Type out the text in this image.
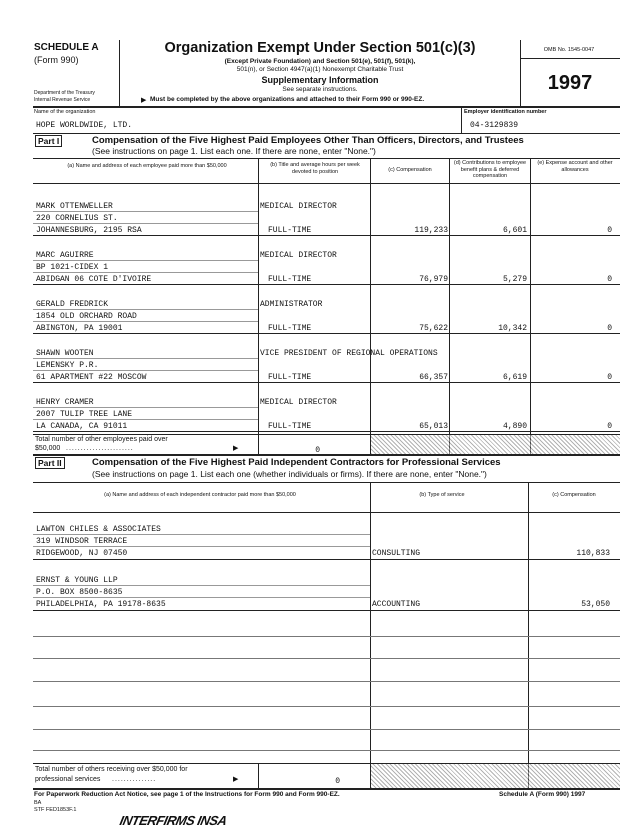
SCHEDULE A
(Form 990)
Department of the Treasury
Internal Revenue Service
Organization Exempt Under Section 501(c)(3)
(Except Private Foundation) and Section 501(e), 501(f), 501(k),
501(n), or Section 4947(a)(1) Nonexempt Charitable Trust
Supplementary Information
See separate instructions.
▶ Must be completed by the above organizations and attached to their Form 990 or 990-EZ.
OMB No. 1545-0047
1997
Name of the organization
HOPE WORLDWIDE, LTD.
Employer identification number
04-3129839
Part I	Compensation of the Five Highest Paid Employees Other Than Officers, Directors, and Trustees
(See instructions on page 1. List each one. If there are none, enter "None.")
(a) Name and address of each employee paid more than $50,000	(b) Title and average hours per week devoted to position	(c) Compensation
(d) Contributions to employee benefit plans & deferred compensation
(e) Expense account and other allowances
MARK OTTENWELLER
220 CORNELIUS ST.
JOHANNESBURG, 2195 RSA
MEDICAL DIRECTOR
FULL-TIME	119,233	6,601	0
MARC AGUIRRE
BP 1021-CIDEX 1
ABIDGAN 06 COTE D'IVOIRE
MEDICAL DIRECTOR
FULL-TIME	76,979	5,279	0
GERALD FREDRICK
1854 OLD ORCHARD ROAD
ABINGTON, PA 19001
ADMINISTRATOR
FULL-TIME	75,622	10,342	0
SHAWN WOOTEN
LEMENSKY P.R.
61 APARTMENT #22 MOSCOW
VICE PRESIDENT OF REGIONAL OPERATIONS
FULL-TIME	66,357	6,619	0
HENRY CRAMER
2007 TULIP TREE LANE
LA CANADA, CA 91011
MEDICAL DIRECTOR
FULL-TIME	65,013	4,890	0
Total number of other employees paid over
$50,000 .......................	▶	0
Part II	Compensation of the Five Highest Paid Independent Contractors for Professional Services
(See instructions on page 1. List each one (whether individuals or firms). If there are none, enter "None.")
(a) Name and address of each independent contractor paid more than $50,000	(b) Type of service	(c) Compensation
LAWTON CHILES & ASSOCIATES
319 WINDSOR TERRACE
RIDGEWOOD, NJ 07450	CONSULTING	110,833
ERNST & YOUNG LLP
P.O. BOX 8500-8635
PHILADELPHIA, PA 19178-8635	ACCOUNTING	53,050
Total number of others receiving over $50,000 for
professional services ...............	▶	0
For Paperwork Reduction Act Notice, see page 1 of the Instructions for Form 990 and Form 990-EZ.	Schedule A (Form 990) 1997
BA
STF FED1853F.1
INTERFIRMS INSA
